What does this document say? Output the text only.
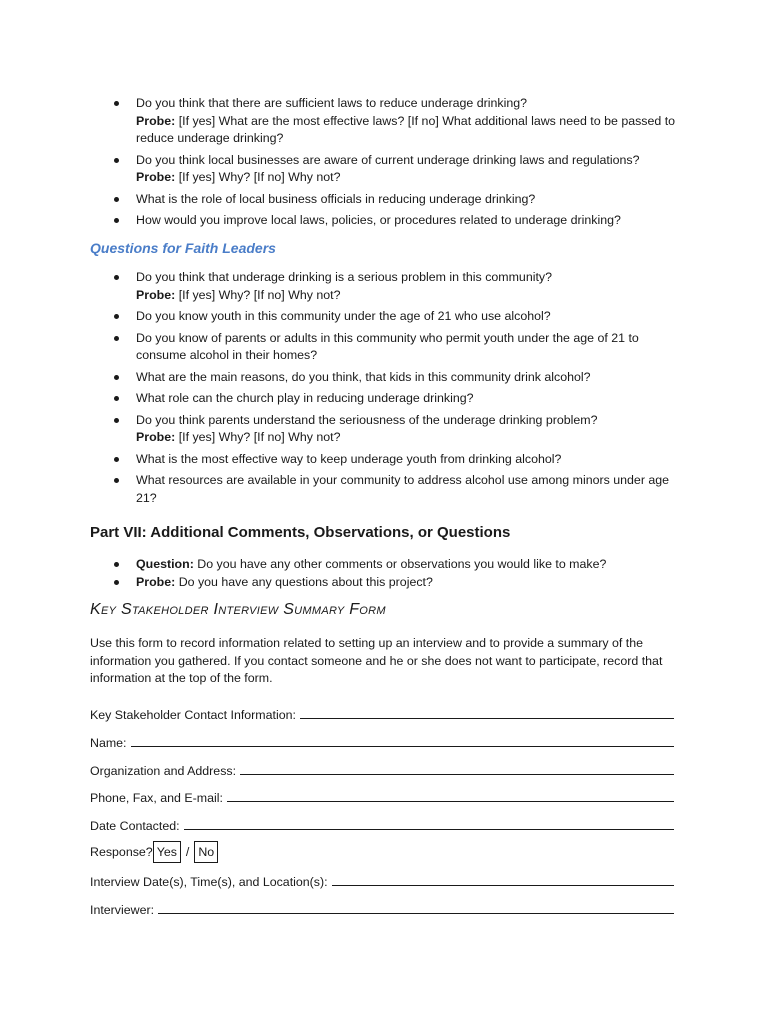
Do you think that there are sufficient laws to reduce underage drinking?
Probe: [If yes] What are the most effective laws? [If no] What additional laws need to be passed to reduce underage drinking?
Do you think local businesses are aware of current underage drinking laws and regulations?
Probe: [If yes] Why? [If no] Why not?
What is the role of local business officials in reducing underage drinking?
How would you improve local laws, policies, or procedures related to underage drinking?
Questions for Faith Leaders
Do you think that underage drinking is a serious problem in this community?
Probe: [If yes] Why? [If no] Why not?
Do you know youth in this community under the age of 21 who use alcohol?
Do you know of parents or adults in this community who permit youth under the age of 21 to consume alcohol in their homes?
What are the main reasons, do you think, that kids in this community drink alcohol?
What role can the church play in reducing underage drinking?
Do you think parents understand the seriousness of the underage drinking problem?
Probe: [If yes] Why? [If no] Why not?
What is the most effective way to keep underage youth from drinking alcohol?
What resources are available in your community to address alcohol use among minors under age 21?
Part VII: Additional Comments, Observations, or Questions
Question: Do you have any other comments or observations you would like to make?
Probe: Do you have any questions about this project?
Key Stakeholder Interview Summary Form

Use this form to record information related to setting up an interview and to provide a summary of the information you gathered. If you contact someone and he or she does not want to participate, record that information at the top of the form.

Key Stakeholder Contact Information:
Name:
Organization and Address:
Phone, Fax, and E-mail:
Date Contacted:
Response? Yes / No
Interview Date(s), Time(s), and Location(s):
Interviewer:
